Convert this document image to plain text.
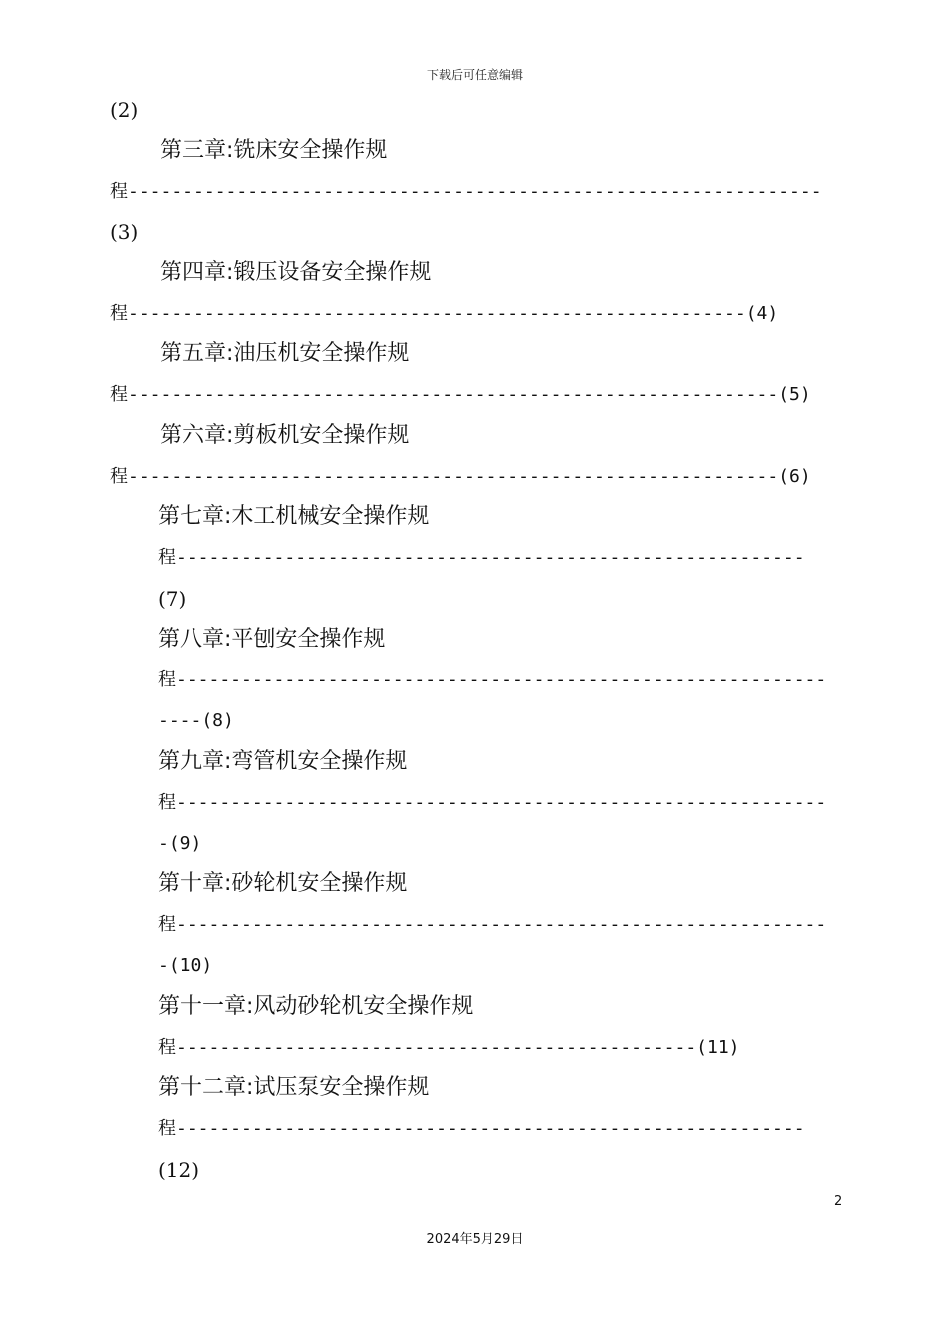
下载后可任意编辑
(2)
第三章:铣床安全操作规
程----------------------------------------------------------------
(3)
第四章:锻压设备安全操作规
程---------------------------------------------------------(4)
第五章:油压机安全操作规
程------------------------------------------------------------(5)
第六章:剪板机安全操作规
程------------------------------------------------------------(6)
第七章:木工机械安全操作规
程----------------------------------------------------------
(7)
第八章:平刨安全操作规
程------------------------------------------------------------
----(8)
第九章:弯管机安全操作规
程------------------------------------------------------------
-(9)
第十章:砂轮机安全操作规
程------------------------------------------------------------
-(10)
第十一章:风动砂轮机安全操作规
程------------------------------------------------(11)
第十二章:试压泵安全操作规
程----------------------------------------------------------
(12)
2
2024年5月29日
